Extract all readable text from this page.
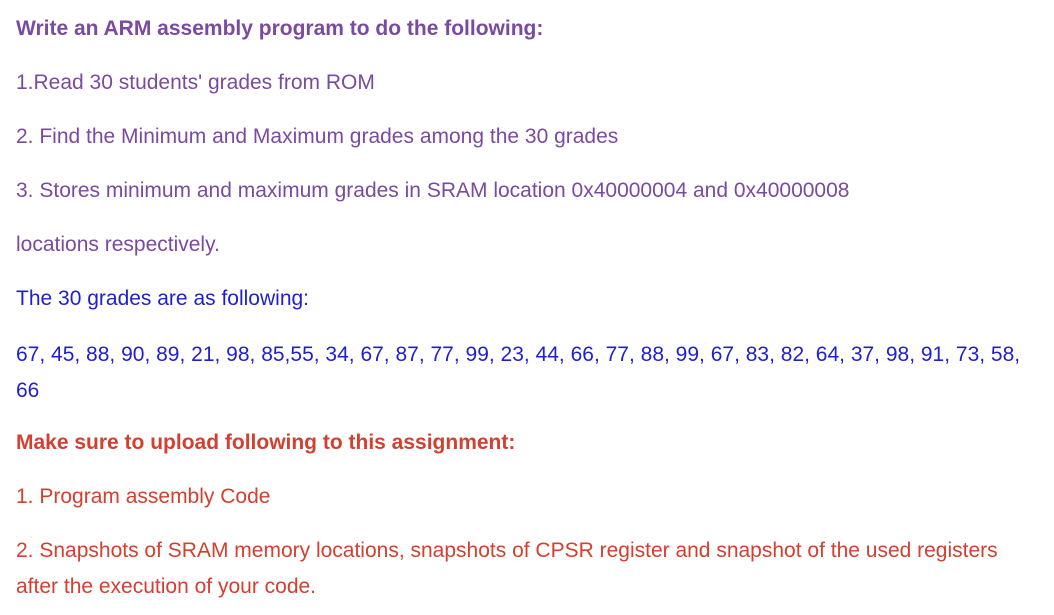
Write an ARM assembly program to do the following:
1.Read 30 students' grades from ROM
2. Find the Minimum and Maximum grades among the 30 grades
3. Stores minimum and maximum grades in SRAM location 0x40000004 and 0x40000008
locations respectively.
The 30 grades are as following:
67, 45, 88, 90, 89, 21, 98, 85,55, 34, 67, 87, 77, 99, 23, 44, 66, 77, 88, 99, 67, 83, 82, 64, 37, 98, 91, 73, 58, 66
Make sure to upload following to this assignment:
1. Program assembly Code
2. Snapshots of SRAM memory locations, snapshots of CPSR register and snapshot of the used registers after the execution of your code.
